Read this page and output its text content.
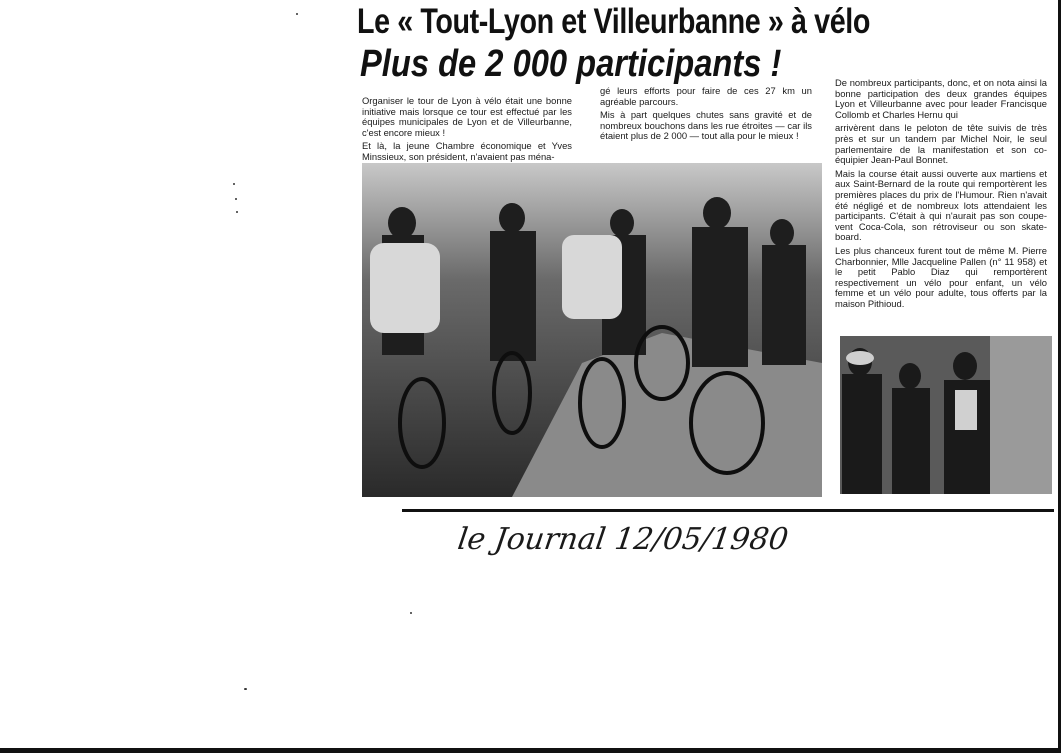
Le « Tout-Lyon et Villeurbanne » à vélo
Plus de 2 000 participants !

Organiser le tour de Lyon à vélo était une bonne initiative mais lorsque ce tour est effectué par les équipes municipales de Lyon et de Villeurbanne, c'est encore mieux !

Et là, la jeune Chambre économique et Yves Minssieux, son président, n'avaient pas ména-

gé leurs efforts pour faire de ces 27 km un agréable parcours.

Mis à part quelques chutes sans gravité et de nombreux bouchons dans les rue étroites — car ils étaient plus de 2 000 — tout alla pour le mieux !

De nombreux participants, donc, et on nota ainsi la bonne participation des deux grandes équipes Lyon et Villeurbanne avec pour leader Francisque Collomb et Charles Hernu qui

arrivèrent dans le peloton de tête suivis de très près et sur un tandem par Michel Noir, le seul parlementaire de la manifestation et son co-équipier Jean-Paul Bonnet.

Mais la course était aussi ouverte aux martiens et aux Saint-Bernard de la route qui remportèrent les premières places du prix de l'Humour. Rien n'avait été négligé et de nombreux lots attendaient les participants. C'était à qui n'aurait pas son coupe-vent Coca-Cola, son rétroviseur ou son skate-board.

Les plus chanceux furent tout de même M. Pierre Charbonnier, Mlle Jacqueline Pallen (n° 11 958) et le petit Pablo Diaz qui remportèrent respectivement un vélo pour enfant, un vélo femme et un vélo pour adulte, tous offerts par la maison Pithioud.

le Journal 12/05/1980
